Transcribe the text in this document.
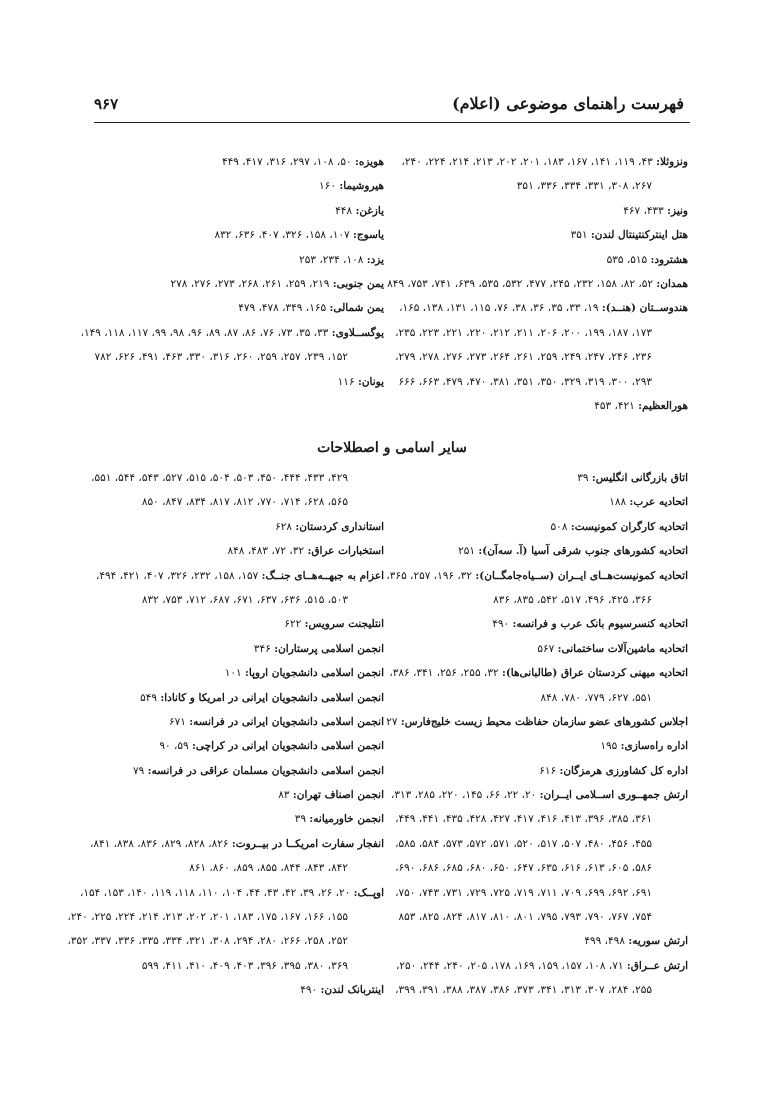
فهرست راهنمای موضوعی (اعلام)
۹۶۷
ونزوئلا: ۴۳، ۱۱۹، ۱۴۱، ۱۶۷، ۱۸۳، ۲۰۱، ۲۰۲، ۲۱۳، ۲۱۴، ۲۲۴، ۲۴۰،
۲۶۷، ۳۰۸، ۳۳۱، ۳۳۴، ۳۳۶، ۳۵۱
ونیز: ۴۳۳، ۴۶۷
هتل اینترکنتینتال لندن: ۳۵۱
هشترود: ۵۱۵، ۵۳۵
همدان: ۵۲، ۸۲، ۱۵۸، ۲۳۲، ۲۴۵، ۴۷۷، ۵۳۲، ۵۳۵، ۶۳۹، ۷۴۱، ۷۵۳، ۸۴۹
هندوســتان (هنــد): ۱۹، ۳۳، ۳۵، ۳۶، ۳۸، ۷۶، ۱۱۵، ۱۳۱، ۱۳۸، ۱۶۵،
۱۷۳، ۱۸۷، ۱۹۹، ۲۰۰، ۲۰۶، ۲۱۱، ۲۱۲، ۲۲۰، ۲۲۱، ۲۲۳، ۲۳۵،
۲۳۶، ۲۴۶، ۲۴۷، ۲۴۹، ۲۵۹، ۲۶۱، ۲۶۴، ۲۷۳، ۲۷۶، ۲۷۸، ۲۷۹،
۲۹۳، ۳۰۰، ۳۱۹، ۳۲۹، ۳۵۰، ۳۵۱، ۳۸۱، ۴۷۰، ۴۷۹، ۶۶۳، ۶۶۶
هورالعظیم: ۴۲۱، ۴۵۳
هویزه: ۵۰، ۱۰۸، ۲۹۷، ۳۱۶، ۴۱۷، ۴۴۹
هیروشیما: ۱۶۰
یازغن: ۴۴۸
یاسوج: ۱۰۷، ۱۵۸، ۳۲۶، ۴۰۷، ۶۳۶، ۸۳۲
یزد: ۱۰۸، ۲۳۴، ۲۵۳
یمن جنوبی: ۲۱۹، ۲۵۹، ۲۶۱، ۲۶۸، ۲۷۳، ۲۷۶، ۲۷۸
یمن شمالی: ۱۶۵، ۳۴۹، ۴۷۸، ۴۷۹
یوگســلاوی: ۳۳، ۳۵، ۷۳، ۷۶، ۸۶، ۸۷، ۸۹، ۹۶، ۹۸، ۹۹، ۱۱۷، ۱۱۸، ۱۴۹،
۱۵۲، ۲۳۹، ۲۵۷، ۲۵۹، ۲۶۰، ۳۱۶، ۳۳۰، ۴۶۳، ۴۹۱، ۶۲۶، ۷۸۲
یونان: ۱۱۶
سایر اسامی و اصطلاحات
اتاق بازرگانی انگلیس: ۳۹
اتحادیه عرب: ۱۸۸
اتحادیه کارگران کمونیست: ۵۰۸
اتحادیه کشورهای جنوب شرقی آسیا (آ. سه‌آن): ۲۵۱
اتحادیه کمونیست‌هــای ایــران (ســیاه‌جامگــان): ۳۲، ۱۹۶، ۲۵۷، ۳۶۵،
۳۶۶، ۴۲۵، ۴۹۶، ۵۱۷، ۵۴۲، ۸۳۵، ۸۳۶
اتحادیه کنسرسیوم بانک عرب و فرانسه: ۴۹۰
اتحادیه ماشین‌آلات ساختمانی: ۵۶۷
اتحادیه میهنی کردستان عراق (طالبانی‌ها): ۳۲، ۲۵۵، ۲۵۶، ۳۴۱، ۳۸۶،
۵۵۱، ۶۲۷، ۷۷۹، ۷۸۰، ۸۴۸
اجلاس کشورهای عضو سازمان حفاظت محیط زیست خلیج‌فارس: ۲۷
اداره راه‌سازی: ۱۹۵
اداره کل کشاورزی هرمزگان: ۶۱۶
ارتش جمهــوری اســلامی ایــران: ۲۰، ۲۲، ۶۶، ۱۴۵، ۲۲۰، ۲۸۵، ۳۱۳،
۳۶۱، ۳۸۵، ۳۹۶، ۴۱۳، ۴۱۶، ۴۱۷، ۴۲۷، ۴۲۸، ۴۳۵، ۴۴۱، ۴۴۹،
۴۵۵، ۴۵۶، ۴۸۰، ۵۰۷، ۵۱۷، ۵۲۰، ۵۷۱، ۵۷۲، ۵۷۳، ۵۸۴، ۵۸۵،
۵۸۶، ۶۰۵، ۶۱۳، ۶۱۶، ۶۳۵، ۶۴۷، ۶۵۰، ۶۸۰، ۶۸۵، ۶۸۶، ۶۹۰،
۶۹۱، ۶۹۲، ۶۹۹، ۷۰۹، ۷۱۱، ۷۱۹، ۷۲۵، ۷۲۹، ۷۳۱، ۷۴۳، ۷۵۰،
۷۵۴، ۷۶۷، ۷۹۰، ۷۹۳، ۷۹۵، ۸۰۱، ۸۱۰، ۸۱۷، ۸۲۴، ۸۲۵، ۸۵۳
ارتش سوریه: ۴۹۸، ۴۹۹
ارتش عــراق: ۷۱، ۱۰۸، ۱۵۷، ۱۵۹، ۱۶۹، ۱۷۸، ۲۰۵، ۲۴۰، ۲۴۴، ۲۵۰،
۲۵۵، ۲۸۴، ۳۰۷، ۳۱۳، ۳۴۱، ۳۷۳، ۳۸۶، ۳۸۷، ۳۸۸، ۳۹۱، ۳۹۹،
۴۲۹، ۴۳۳، ۴۴۴، ۴۵۰، ۵۰۳، ۵۰۴، ۵۱۵، ۵۲۷، ۵۴۳، ۵۴۴، ۵۵۱،
۵۶۵، ۶۲۸، ۷۱۴، ۷۷۰، ۸۱۲، ۸۱۷، ۸۳۴، ۸۴۷، ۸۵۰
استانداری کردستان: ۶۲۸
استخبارات عراق: ۳۲، ۷۲، ۴۸۳، ۸۴۸
اعزام به جبهــه‌هــای جنــگ: ۱۵۷، ۱۵۸، ۲۳۲، ۳۲۶، ۴۰۷، ۴۲۱، ۴۹۴،
۵۰۳، ۵۱۵، ۶۳۶، ۶۳۷، ۶۷۱، ۶۸۷، ۷۱۲، ۷۵۳، ۸۳۲
انتلیجنت سرویس: ۶۲۲
انجمن اسلامی پرستاران: ۳۴۶
انجمن اسلامی دانشجویان اروپا: ۱۰۱
انجمن اسلامی دانشجویان ایرانی در امریکا و کانادا: ۵۴۹
انجمن اسلامی دانشجویان ایرانی در فرانسه: ۶۷۱
انجمن اسلامی دانشجویان ایرانی در کراچی: ۵۹، ۹۰
انجمن اسلامی دانشجویان مسلمان عراقی در فرانسه: ۷۹
انجمن اصناف تهران: ۸۳
انجمن خاورمیانه: ۳۹
انفجار سفارت امریکــا در بیــروت: ۸۲۶، ۸۲۸، ۸۲۹، ۸۳۶، ۸۳۸، ۸۴۱،
۸۴۲، ۸۴۳، ۸۴۴، ۸۵۵، ۸۵۹، ۸۶۰، ۸۶۱
اوپــک: ۲۰، ۲۶، ۳۹، ۴۲، ۴۳، ۴۴، ۱۰۴، ۱۱۰، ۱۱۸، ۱۱۹، ۱۴۰، ۱۵۳، ۱۵۴،
۱۵۵، ۱۶۶، ۱۶۷، ۱۷۵، ۱۸۳، ۲۰۱، ۲۰۲، ۲۱۳، ۲۱۴، ۲۲۴، ۲۲۵، ۲۴۰،
۲۵۲، ۲۵۸، ۲۶۶، ۲۸۰، ۲۹۴، ۳۰۸، ۳۲۱، ۳۳۴، ۳۳۵، ۳۳۶، ۳۳۷، ۳۵۲،
۳۶۹، ۳۸۰، ۳۹۵، ۳۹۶، ۴۰۳، ۴۰۹، ۴۱۰، ۴۱۱، ۵۹۹
اینتربانک لندن: ۴۹۰
